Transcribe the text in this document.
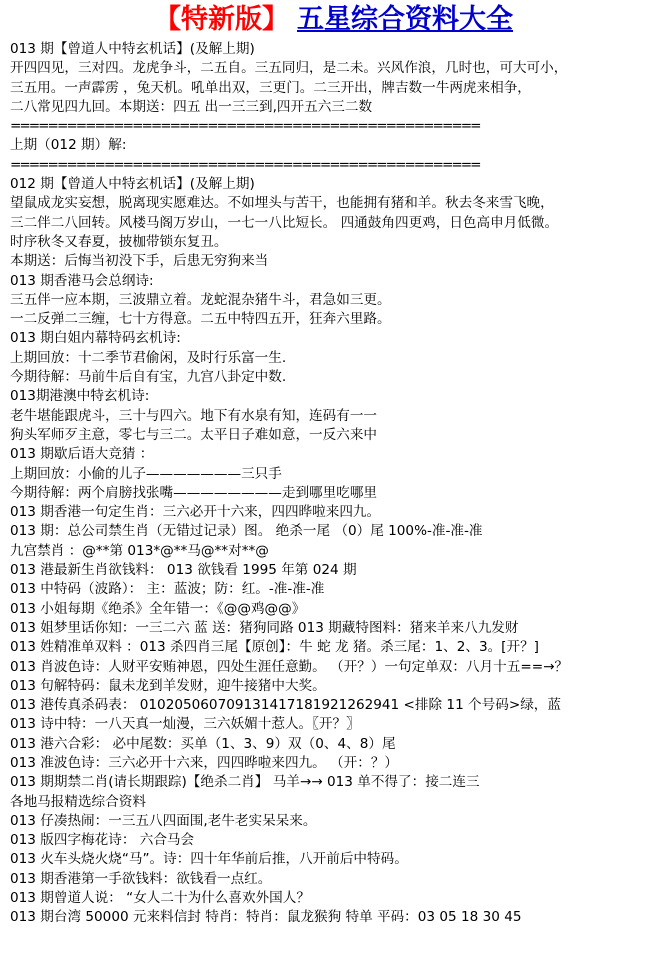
【特新版】 五星综合资料大全
013 期【曾道人中特玄机话】(及解上期)
开四四见，三对四。龙虎争斗，二五自。三五同归，是二未。兴风作浪，几时也，可大可小，
三五用。一声霹雳 ，兔天机。吼单出双，三更门。二三开出，牌吉数一牛两虎来相争，
二八常见四九回。本期送：四五 出一三三到,四开五六三二数
==================================================
上期（012 期）解:
==================================================
012 期【曾道人中特玄机话】(及解上期)
望鼠成龙实妄想，脱离现实愿难达。不如埋头与苦干，也能拥有猪和羊。秋去冬来雪飞晚，
三二伴二八回转。风楼马阁万岁山，一七一八比短长。 四通鼓角四更鸡，日色高申月低微。
时序秋冬又春夏，披枷带锁东复丑。
本期送：后悔当初没下手，后患无穷狗来当
013 期香港马会总纲诗:
三五伴一应本期，三波鼎立着。龙蛇混杂猪牛斗，君急如三更。
一二反弹二三缠，七十方得意。二五中特四五开，狂奔六里路。
013 期白姐内幕特码玄机诗:
上期回放：十二季节君偷闲，及时行乐富一生.
今期待解：马前牛后自有宝，九宫八卦定中数.
013期港澳中特玄机诗:
老牛堪能跟虎斗，三十与四六。地下有水泉有知，连码有一一
狗头军师歹主意，零七与三二。太平日子难如意，一反六来中
013 期歇后语大竞猜 ：
上期回放：小偷的儿子———————三只手
今期待解：两个肩膀找张嘴————————走到哪里吃哪里
013 期香港一句定生肖：三六必开十六来，四四晔啦来四九。
013 期：总公司禁生肖（无错过记录）图。 绝杀一尾 （0）尾 100%-准-准-准
九宫禁肖 ：@**第 013*@**马@**对**@
013 港最新生肖欲钱料： 013 欲钱看 1995 年第 024 期
013 中特码（波路）： 主：蓝波；防：红。-准-准-准
013 小姐每期《绝杀》全年错一：《@@鸡@@》
013 姐梦里话你知：一三二六 蓝 送：猪狗同路 013 期藏特图料：猪来羊来八九发财
013 姓精准单双料 ：013 杀四肖三尾【原创】：牛 蛇 龙 猪。杀三尾：1、2、3。[开？]
013 肖波色诗：人财平安贿神恩，四处生涯任意勤。 （开？）一句定单双：八月十五==→？
013 句解特码：鼠未龙到羊发财，迎牛接猪中大奖。
013 港传真杀码表： 0102050607091314171819212629​41 <排除 11 个号码>绿，蓝
013 诗中特：一八天真一灿漫，三六妖媚十惹人。〖开？〗
013 港六合彩： 必中尾数：买单（1、3、9）双（0、4、8）尾
013 准波色诗：三六必开十六来，四四晔啦来四九。 （开：？）
013 期期禁二肖(请长期跟踪)【绝杀二肖】 马羊→→ 013 单不得了：接二连三
各地马报精选综合资料
013 仔凑热闹：一三五八四面围,老牛老实呆呆来。
013 版四字梅花诗： 六合马会
013 火车头烧火烧“马”。诗：四十年华前后推，八开前后中特码。
013 期香港第一手欲钱料：欲钱看一点红。
013 期曾道人说： “女人二十为什么喜欢外国人？
013 期台湾 50000 元来料信封 特肖：特肖：鼠龙猴狗 特单 平码：03 05 18 30 45
